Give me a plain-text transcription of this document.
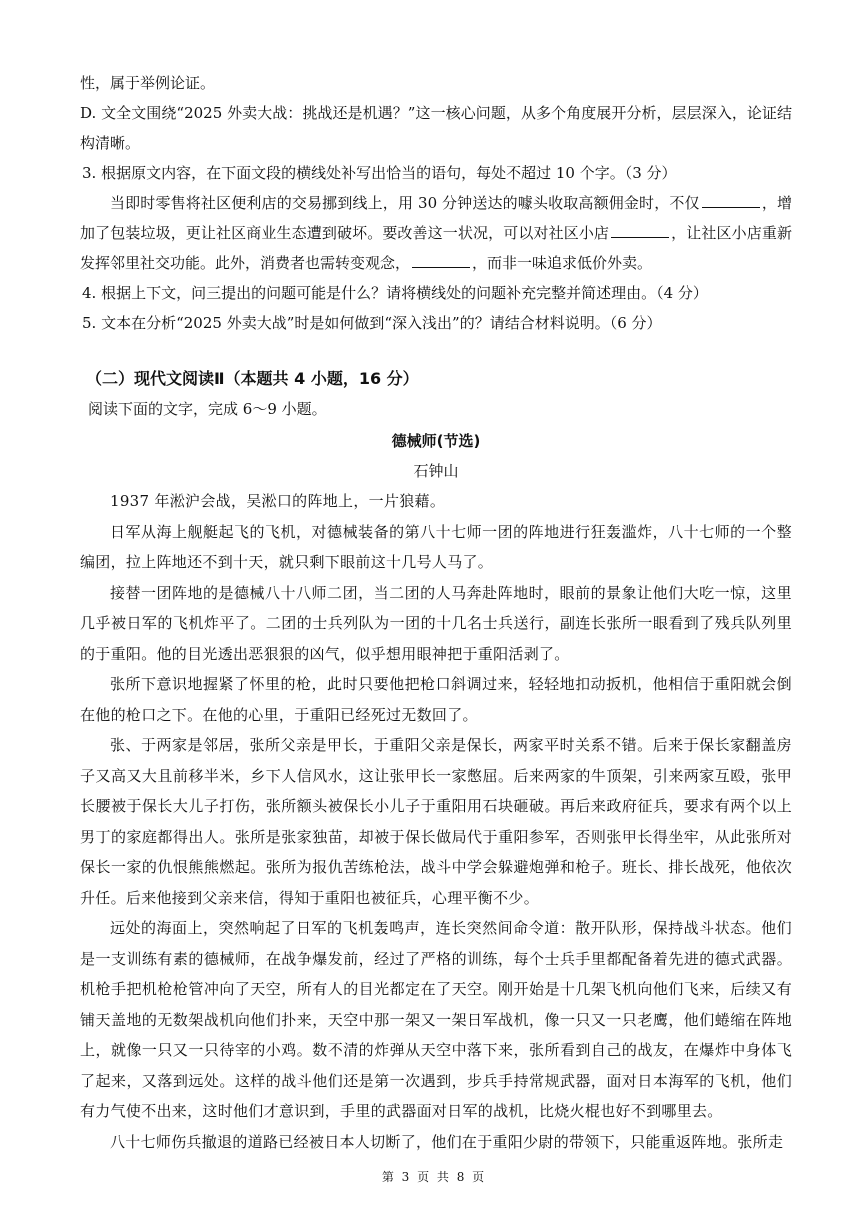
性，属于举例论证。

D. 文全文围绕“2025 外卖大战：挑战还是机遇？”这一核心问题，从多个角度展开分析，层层深入，论证结构清晰。

3. 根据原文内容，在下面文段的横线处补写出恰当的语句，每处不超过 10 个字。（3 分）

当即时零售将社区便利店的交易挪到线上，用 30 分钟送达的噱头收取高额佣金时，不仅	，增加了包装垃圾，更让社区商业生态遭到破坏。要改善这一状况，可以对社区小店	，让社区小店重新发挥邻里社交功能。此外，消费者也需转变观念，	，而非一味追求低价外卖。

4. 根据上下文，问三提出的问题可能是什么？请将横线处的问题补充完整并简述理由。（4 分）

5. 文本在分析“2025 外卖大战”时是如何做到“深入浅出”的？请结合材料说明。（6 分）

（二）现代文阅读Ⅱ（本题共 4 小题，16 分）

阅读下面的文字，完成 6～9 小题。

德械师(节选)
石钟山

1937 年淞沪会战，吴淞口的阵地上，一片狼藉。

日军从海上舰艇起飞的飞机，对德械装备的第八十七师一团的阵地进行狂轰滥炸，八十七师的一个整编团，拉上阵地还不到十天，就只剩下眼前这十几号人马了。

接替一团阵地的是德械八十八师二团，当二团的人马奔赴阵地时，眼前的景象让他们大吃一惊，这里几乎被日军的飞机炸平了。二团的士兵列队为一团的十几名士兵送行，副连长张所一眼看到了残兵队列里的于重阳。他的目光透出恶狠狠的凶气，似乎想用眼神把于重阳活剥了。

张所下意识地握紧了怀里的枪，此时只要他把枪口斜调过来，轻轻地扣动扳机，他相信于重阳就会倒在他的枪口之下。在他的心里，于重阳已经死过无数回了。

张、于两家是邻居，张所父亲是甲长，于重阳父亲是保长，两家平时关系不错。后来于保长家翻盖房子又高又大且前移半米，乡下人信风水，这让张甲长一家憋屈。后来两家的牛顶架，引来两家互殴，张甲长腰被于保长大儿子打伤，张所额头被保长小儿子于重阳用石块砸破。再后来政府征兵，要求有两个以上男丁的家庭都得出人。张所是张家独苗，却被于保长做局代于重阳参军，否则张甲长得坐牢，从此张所对保长一家的仇恨熊熊燃起。张所为报仇苦练枪法，战斗中学会躲避炮弹和枪子。班长、排长战死，他依次升任。后来他接到父亲来信，得知于重阳也被征兵，心理平衡不少。

远处的海面上，突然响起了日军的飞机轰鸣声，连长突然间命令道：散开队形，保持战斗状态。他们是一支训练有素的德械师，在战争爆发前，经过了严格的训练，每个士兵手里都配备着先进的德式武器。机枪手把机枪枪管冲向了天空，所有人的目光都定在了天空。刚开始是十几架飞机向他们飞来，后续又有铺天盖地的无数架战机向他们扑来，天空中那一架又一架日军战机，像一只又一只老鹰，他们蜷缩在阵地上，就像一只又一只待宰的小鸡。数不清的炸弹从天空中落下来，张所看到自己的战友，在爆炸中身体飞了起来，又落到远处。这样的战斗他们还是第一次遇到，步兵手持常规武器，面对日本海军的飞机，他们有力气使不出来，这时他们才意识到，手里的武器面对日军的战机，比烧火棍也好不到哪里去。

八十七师伤兵撤退的道路已经被日本人切断了，他们在于重阳少尉的带领下，只能重返阵地。张所走

第 3 页 共 8 页
